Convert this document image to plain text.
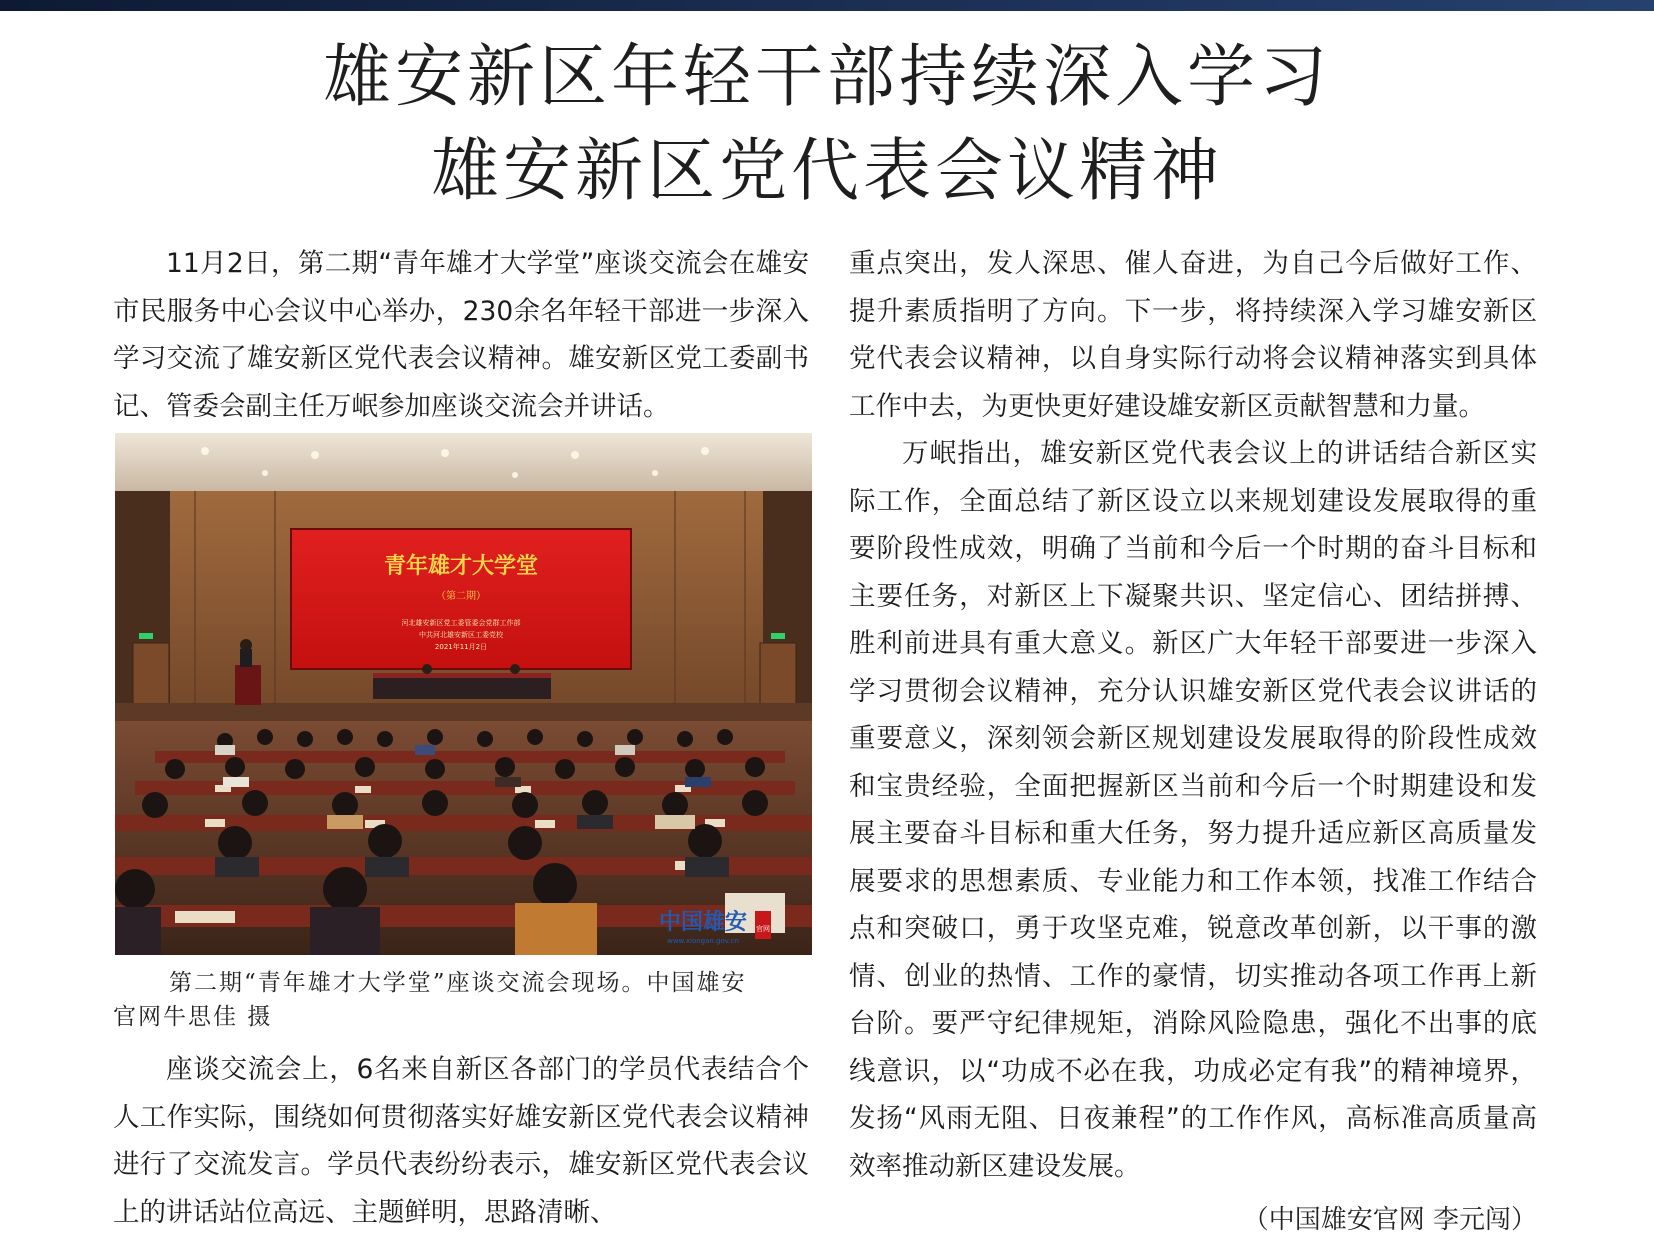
雄安新区年轻干部持续深入学习
雄安新区党代表会议精神

11月2日，第二期“青年雄才大学堂”座谈交流会在雄安市民服务中心会议中心举办，230余名年轻干部进一步深入学习交流了雄安新区党代表会议精神。雄安新区党工委副书记、管委会副主任万岷参加座谈交流会并讲话。

青年雄才大学堂
（第二期）
河北雄安新区党工委管委会党群工作部
中共河北雄安新区工委党校
2021年11月2日
中国雄安 官网
www.xiongan.gov.cn
第二期“青年雄才大学堂”座谈交流会现场。中国雄安
官网牛思佳 摄

座谈交流会上，6名来自新区各部门的学员代表结合个人工作实际，围绕如何贯彻落实好雄安新区党代表会议精神进行了交流发言。学员代表纷纷表示，雄安新区党代表会议上的讲话站位高远、主题鲜明，思路清晰、

重点突出，发人深思、催人奋进，为自己今后做好工作、提升素质指明了方向。下一步，将持续深入学习雄安新区党代表会议精神，以自身实际行动将会议精神落实到具体工作中去，为更快更好建设雄安新区贡献智慧和力量。

万岷指出，雄安新区党代表会议上的讲话结合新区实际工作，全面总结了新区设立以来规划建设发展取得的重要阶段性成效，明确了当前和今后一个时期的奋斗目标和主要任务，对新区上下凝聚共识、坚定信心、团结拼搏、胜利前进具有重大意义。新区广大年轻干部要进一步深入学习贯彻会议精神，充分认识雄安新区党代表会议讲话的重要意义，深刻领会新区规划建设发展取得的阶段性成效和宝贵经验，全面把握新区当前和今后一个时期建设和发展主要奋斗目标和重大任务，努力提升适应新区高质量发展要求的思想素质、专业能力和工作本领，找准工作结合点和突破口，勇于攻坚克难，锐意改革创新，以干事的激情、创业的热情、工作的豪情，切实推动各项工作再上新台阶。要严守纪律规矩，消除风险隐患，强化不出事的底线意识，以“功成不必在我，功成必定有我”的精神境界，发扬“风雨无阻、日夜兼程”的工作作风，高标准高质量高效率推动新区建设发展。

（中国雄安官网 李元闯）
